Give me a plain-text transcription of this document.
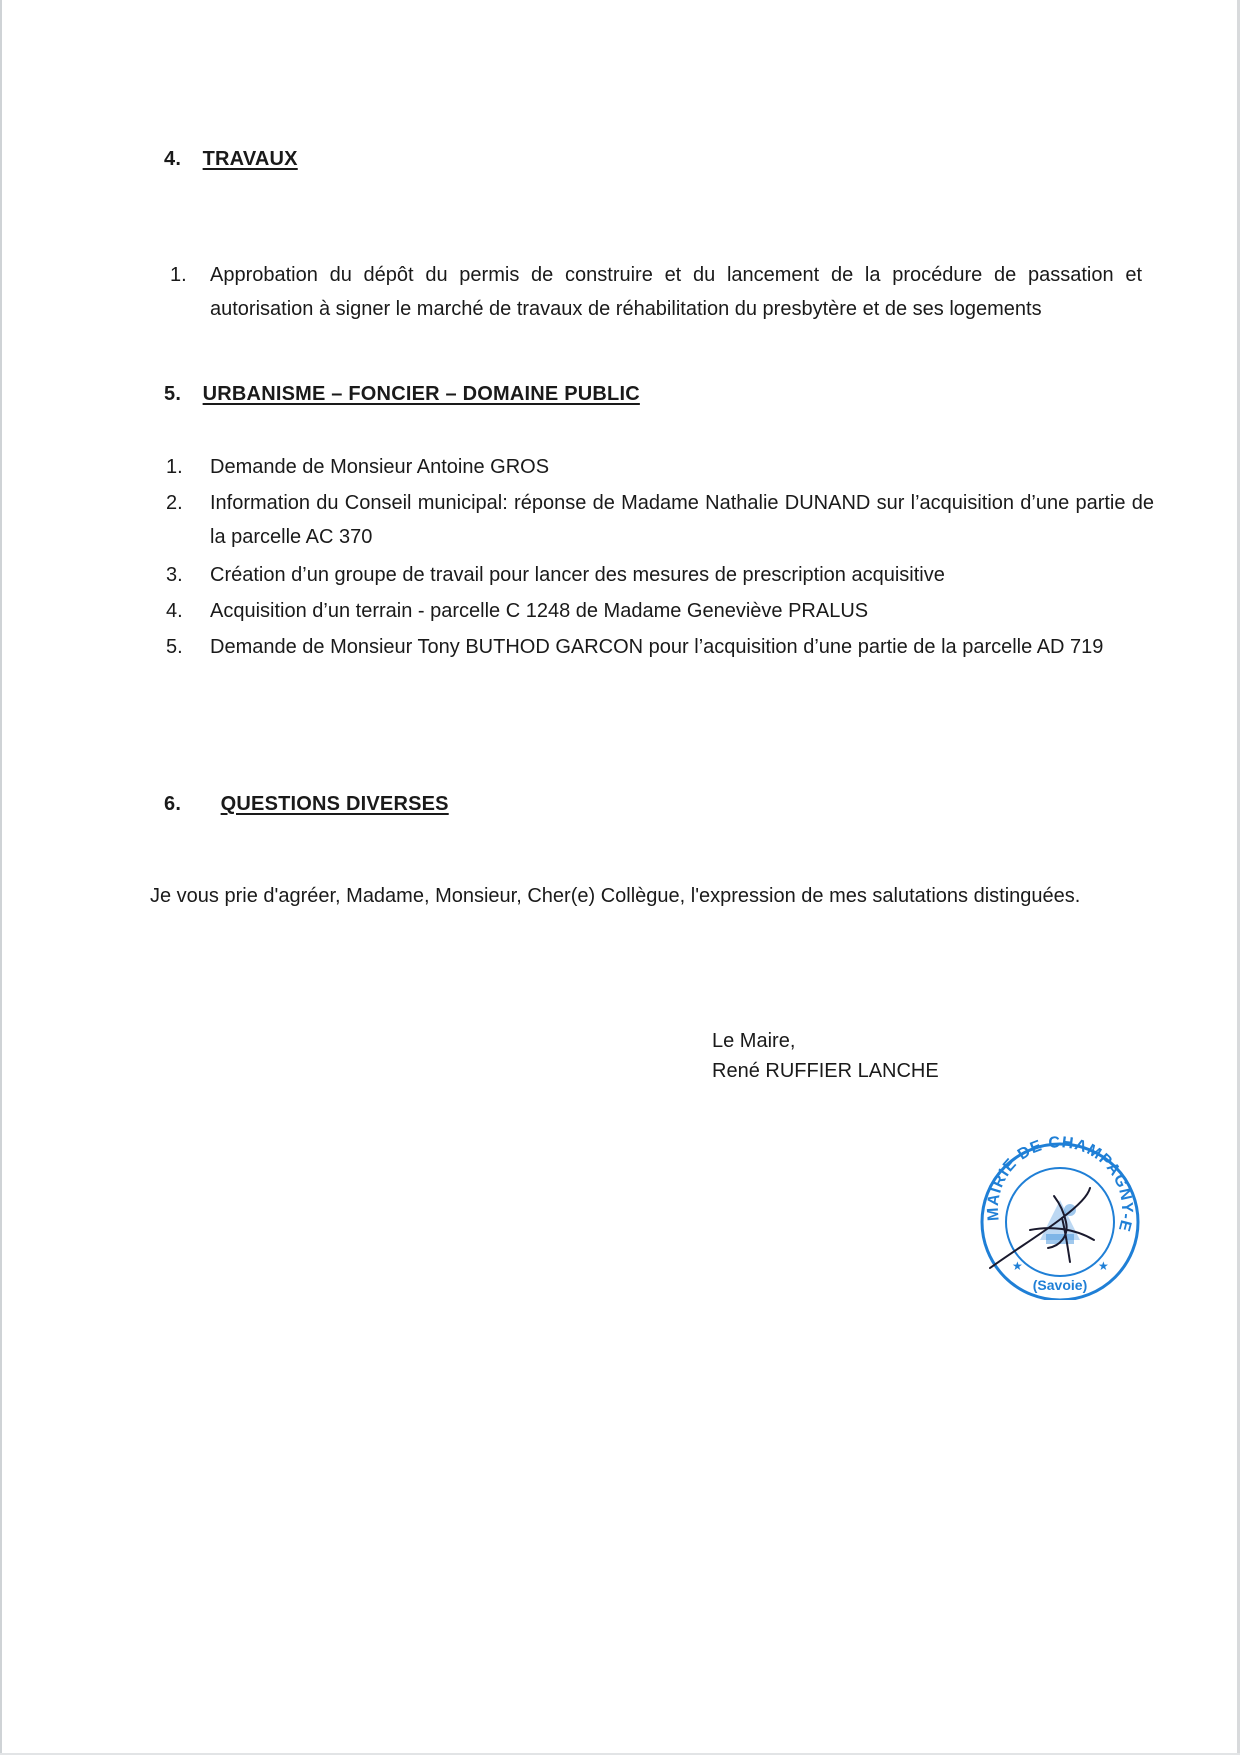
4. TRAVAUX
1. Approbation du dépôt du permis de construire et du lancement de la procédure de passation et autorisation à signer le marché de travaux de réhabilitation du presbytère et de ses logements
5. URBANISME – FONCIER – DOMAINE PUBLIC
1. Demande de Monsieur Antoine GROS
2. Information du Conseil municipal: réponse de Madame Nathalie DUNAND sur l’acquisition d’une partie de la parcelle AC 370
3. Création d’un groupe de travail pour lancer des mesures de prescription acquisitive
4. Acquisition d’un terrain - parcelle C 1248 de Madame Geneviève PRALUS
5. Demande de Monsieur Tony BUTHOD GARCON pour l’acquisition d’une partie de la parcelle AD 719
6. QUESTIONS DIVERSES
Je vous prie d'agréer, Madame, Monsieur, Cher(e) Collègue, l'expression de mes salutations distinguées.
Le Maire,
René RUFFIER LANCHE
MAIRIE DE CHAMPAGNY-E
★	★
(Savoie)
